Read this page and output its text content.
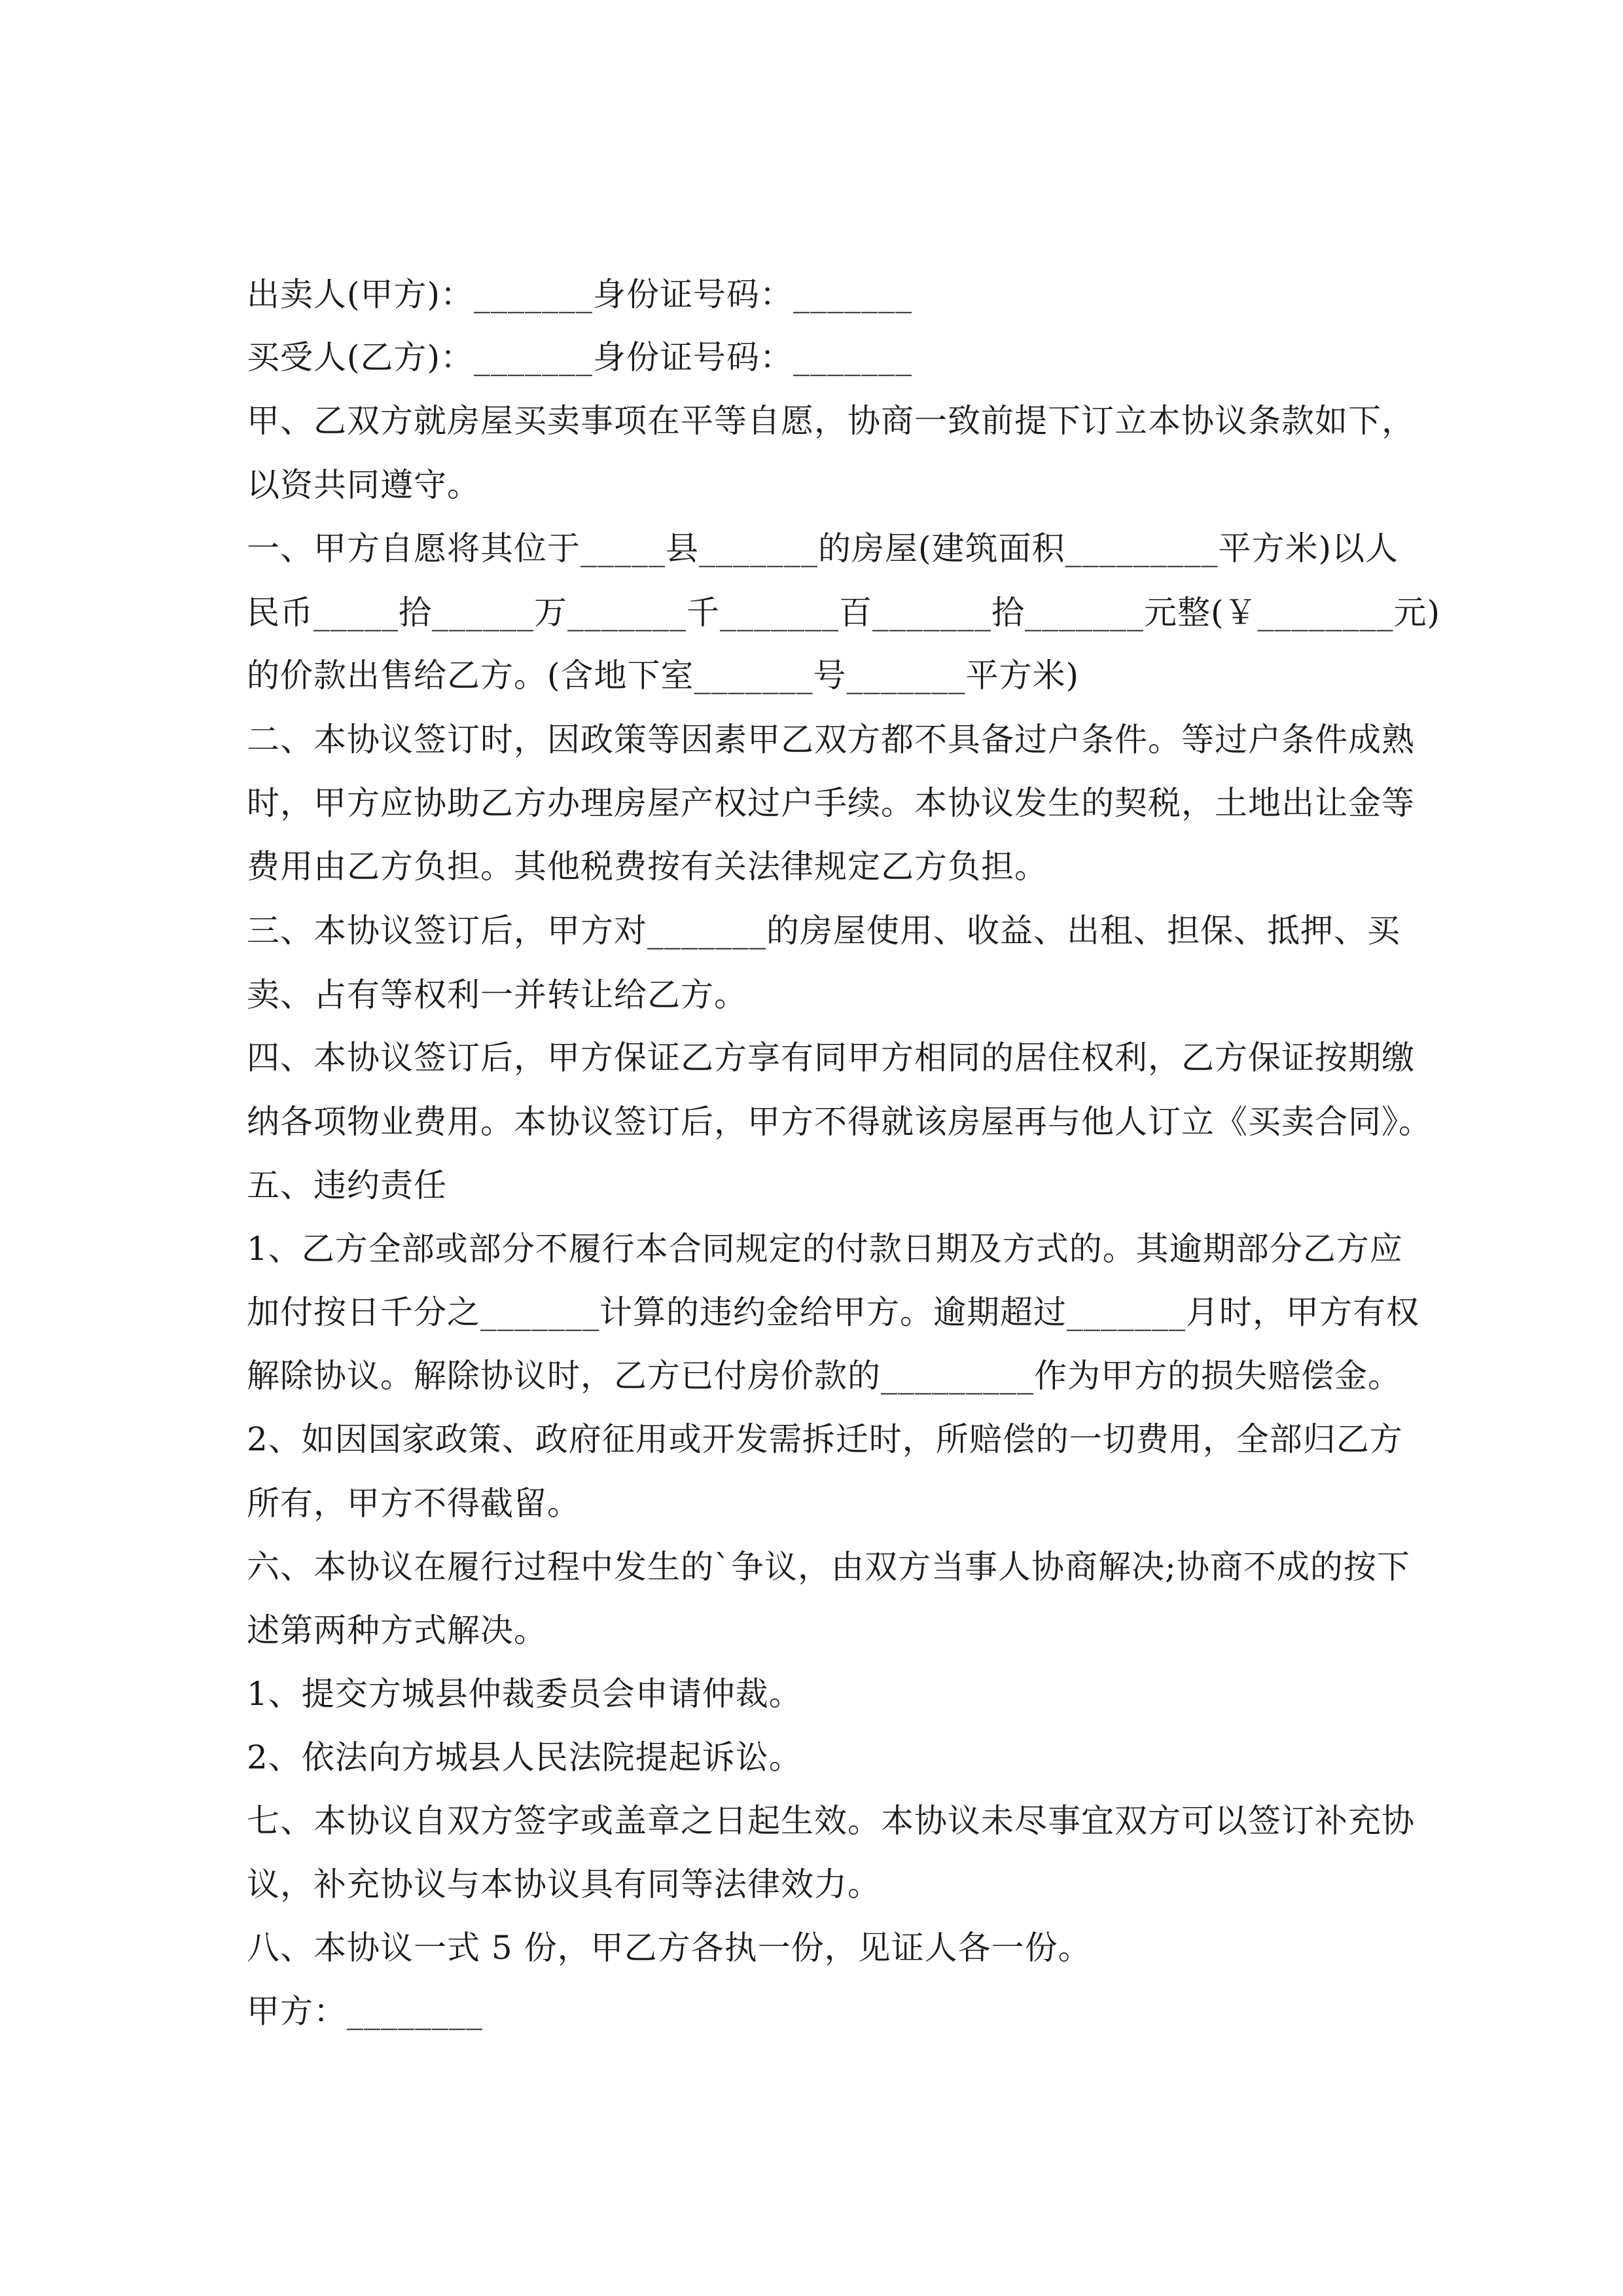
出卖人(甲方)：_______身份证号码：_______

买受人(乙方)：_______身份证号码：_______

甲、乙双方就房屋买卖事项在平等自愿，协商一致前提下订立本协议条款如下，

以资共同遵守。

一、甲方自愿将其位于_____县_______的房屋(建筑面积_________平方米)以人

民币_____拾______万_______千_______百_______拾_______元整(￥________元)

的价款出售给乙方。(含地下室_______号_______平方米)

二、本协议签订时，因政策等因素甲乙双方都不具备过户条件。等过户条件成熟

时，甲方应协助乙方办理房屋产权过户手续。本协议发生的契税，土地出让金等

费用由乙方负担。其他税费按有关法律规定乙方负担。

三、本协议签订后，甲方对_______的房屋使用、收益、出租、担保、抵押、买

卖、占有等权利一并转让给乙方。

四、本协议签订后，甲方保证乙方享有同甲方相同的居住权利，乙方保证按期缴

纳各项物业费用。本协议签订后，甲方不得就该房屋再与他人订立《买卖合同》。

五、违约责任

1、乙方全部或部分不履行本合同规定的付款日期及方式的。其逾期部分乙方应

加付按日千分之_______计算的违约金给甲方。逾期超过_______月时，甲方有权

解除协议。解除协议时，乙方已付房价款的_________作为甲方的损失赔偿金。

2、如因国家政策、政府征用或开发需拆迁时，所赔偿的一切费用，全部归乙方

所有，甲方不得截留。

六、本协议在履行过程中发生的`争议，由双方当事人协商解决;协商不成的按下

述第两种方式解决。

1、提交方城县仲裁委员会申请仲裁。

2、依法向方城县人民法院提起诉讼。

七、本协议自双方签字或盖章之日起生效。本协议未尽事宜双方可以签订补充协

议，补充协议与本协议具有同等法律效力。

八、本协议一式 5 份，甲乙方各执一份，见证人各一份。

甲方：________
